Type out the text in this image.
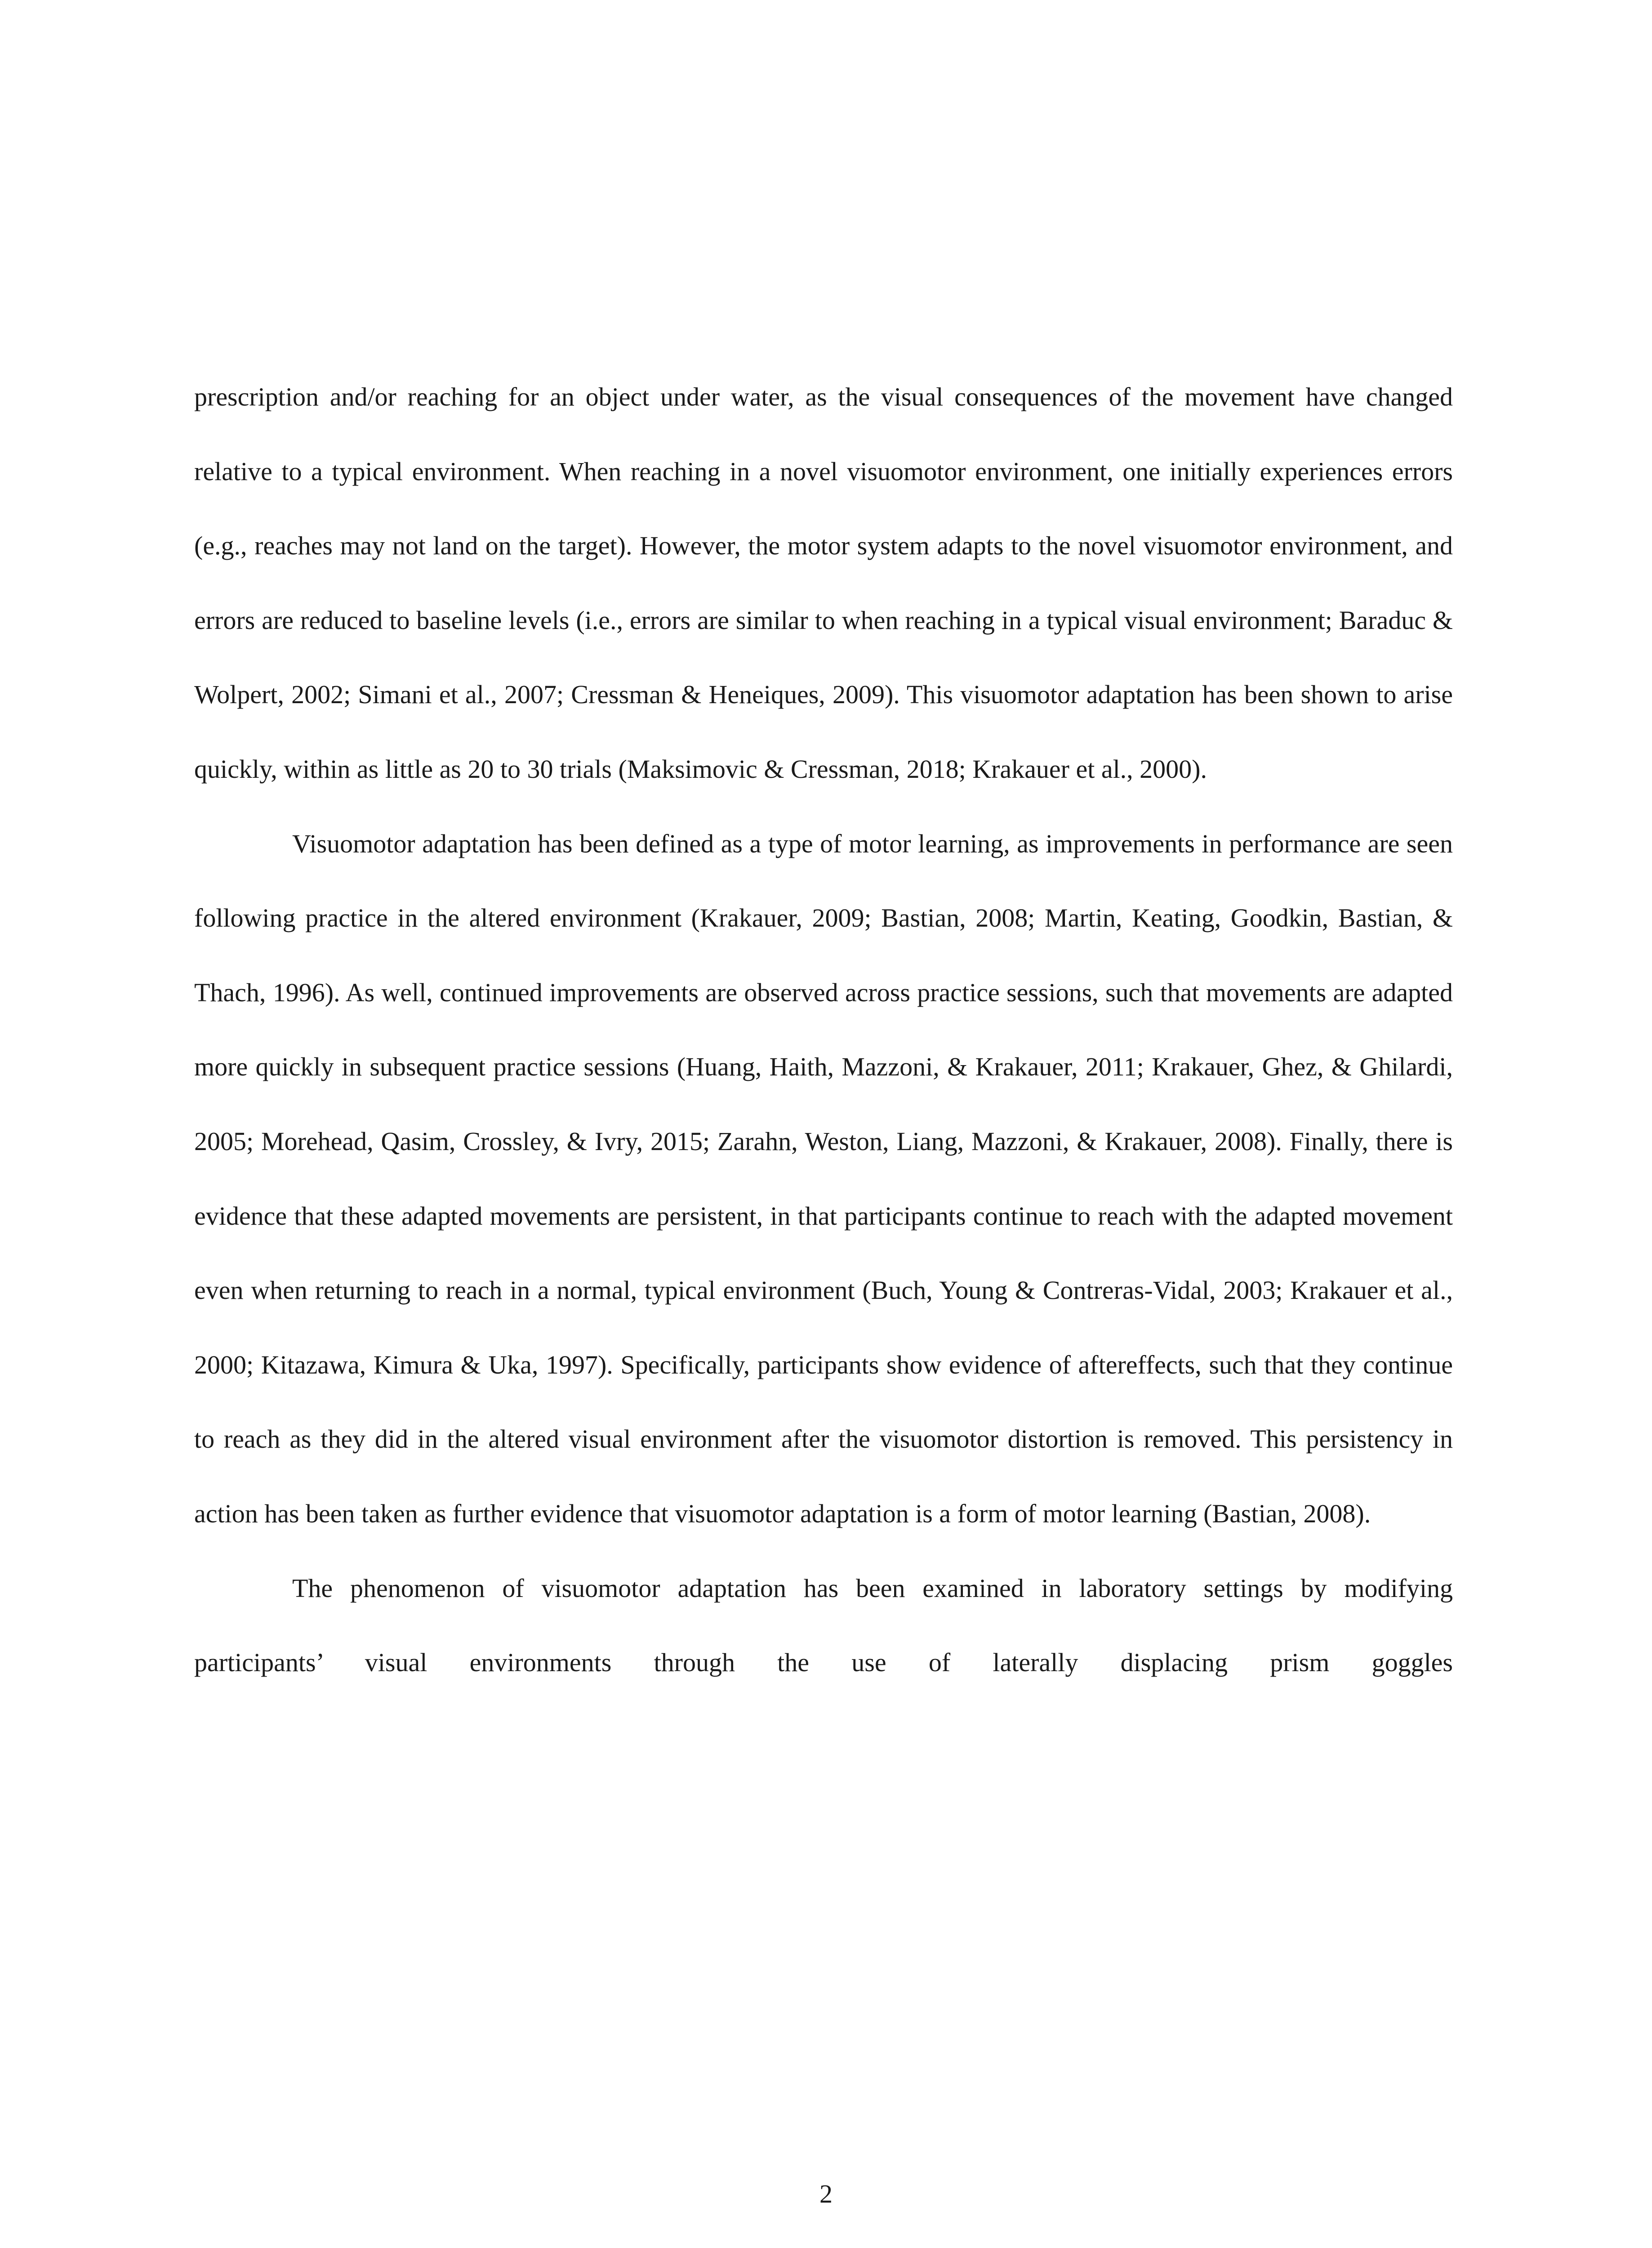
prescription and/or reaching for an object under water, as the visual consequences of the movement have changed relative to a typical environment. When reaching in a novel visuomotor environment, one initially experiences errors (e.g., reaches may not land on the target). However, the motor system adapts to the novel visuomotor environment, and errors are reduced to baseline levels (i.e., errors are similar to when reaching in a typical visual environment; Baraduc & Wolpert, 2002; Simani et al., 2007; Cressman & Heneiques, 2009). This visuomotor adaptation has been shown to arise quickly, within as little as 20 to 30 trials (Maksimovic & Cressman, 2018; Krakauer et al., 2000).

Visuomotor adaptation has been defined as a type of motor learning, as improvements in performance are seen following practice in the altered environment (Krakauer, 2009; Bastian, 2008; Martin, Keating, Goodkin, Bastian, & Thach, 1996). As well, continued improvements are observed across practice sessions, such that movements are adapted more quickly in subsequent practice sessions (Huang, Haith, Mazzoni, & Krakauer, 2011; Krakauer, Ghez, & Ghilardi, 2005; Morehead, Qasim, Crossley, & Ivry, 2015; Zarahn, Weston, Liang, Mazzoni, & Krakauer, 2008). Finally, there is evidence that these adapted movements are persistent, in that participants continue to reach with the adapted movement even when returning to reach in a normal, typical environment (Buch, Young & Contreras-Vidal, 2003; Krakauer et al., 2000; Kitazawa, Kimura & Uka, 1997). Specifically, participants show evidence of aftereffects, such that they continue to reach as they did in the altered visual environment after the visuomotor distortion is removed. This persistency in action has been taken as further evidence that visuomotor adaptation is a form of motor learning (Bastian, 2008).

The phenomenon of visuomotor adaptation has been examined in laboratory settings by modifying participants’ visual environments through the use of laterally displacing prism goggles

2
